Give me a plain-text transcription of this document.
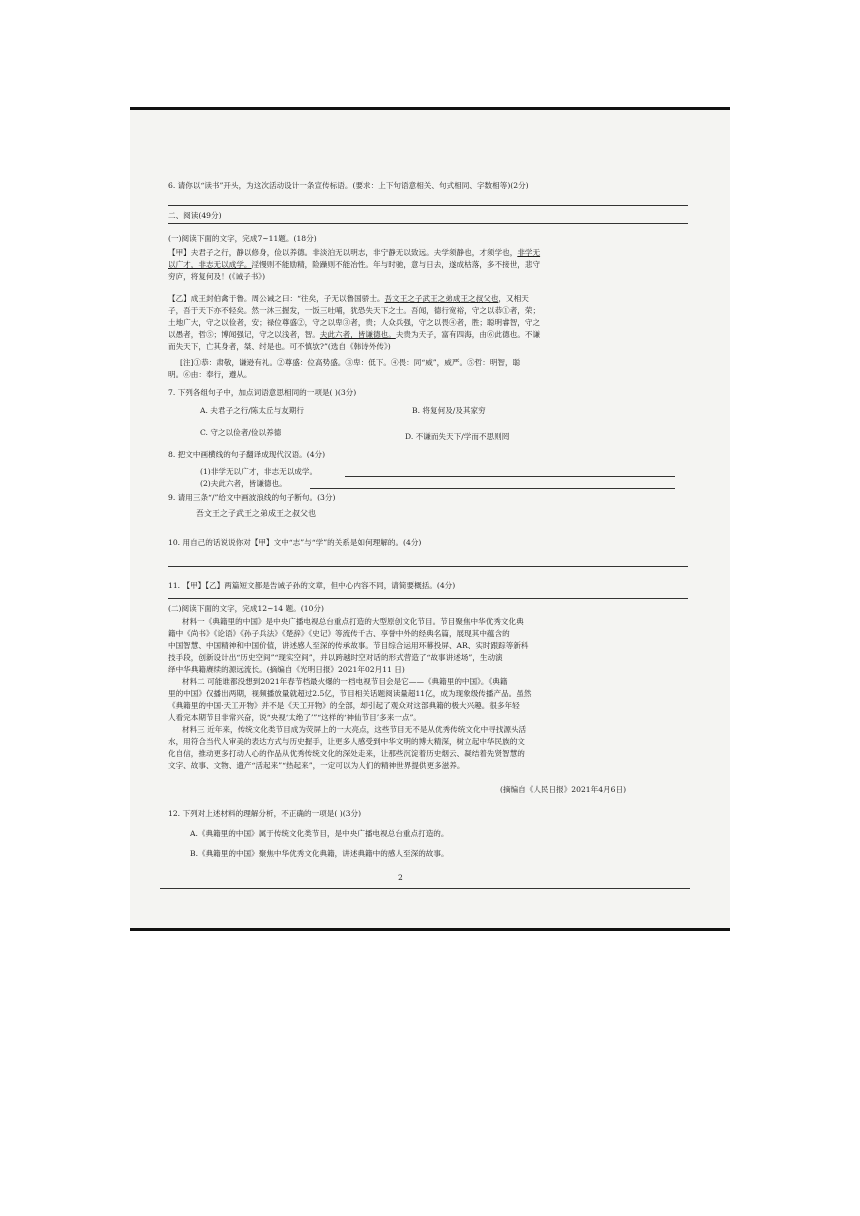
6. 请你以“读书”开头，为这次活动设计一条宣传标语。(要求：上下句语意相关、句式相同、字数相等)(2分)
二、阅读(49分)
(一)阅读下面的文字，完成7~11题。(18分)
【甲】夫君子之行，静以修身，俭以养德。非淡泊无以明志，非宁静无以致远。夫学须静也，才须学也，非学无
以广才，非志无以成学。淫慢则不能励精，险躁则不能冶性。年与时驰，意与日去，遂成枯落，多不接世，悲守
穷庐，将复何及！(《诫子书》)
【乙】成王封伯禽于鲁。周公诫之曰：“往矣，子无以鲁国骄士。吾文王之子武王之弟成王之叔父也，又相天
子，吾于天下亦不轻矣。然一沐三握发，一饭三吐哺，犹恐失天下之士。吾闻，德行宽裕，守之以恭①者，荣；
土地广大，守之以俭者，安；禄位尊盛②，守之以卑③者，贵；人众兵强，守之以畏④者，胜；聪明睿智，守之
以愚者，哲⑤；博闻强记，守之以浅者，智。夫此六者，皆谦德也。夫贵为天子，富有四海，由⑥此德也。不谦
而失天下，亡其身者，桀、纣是也。可不慎欤?”(选自《韩诗外传》)
[注]①恭：肃敬，谦逊有礼。②尊盛：位高势盛。③卑：低下。④畏：同“威”，威严。⑤哲：明智，聪
明。⑥由：奉行，遵从。
7. 下列各组句子中，加点词语意思相同的一项是( )(3分)
A. 夫君子之行/陈太丘与友期行	B. 将复何及/及其家穷
C. 守之以俭者/俭以养德	D. 不谦而失天下/学而不思则罔
8. 把文中画横线的句子翻译成现代汉语。(4分)
(1)非学无以广才，非志无以成学。
(2)夫此六者，皆谦德也。
9. 请用三条“/”给文中画波浪线的句子断句。(3分)
吾文王之子武王之弟成王之叔父也
10. 用自己的话说说你对【甲】文中“志”与“学”的关系是如何理解的。(4分)
11. 【甲】【乙】两篇短文都是告诫子孙的文章，但中心内容不同，请简要概括。(4分)
(二)阅读下面的文字，完成12~14 题。(10分)
材料一《典籍里的中国》是中央广播电视总台重点打造的大型原创文化节目。节目聚焦中华优秀文化典
籍中《尚书》《论语》《孙子兵法》《楚辞》《史记》等流传千古、享誉中外的经典名篇，展现其中蕴含的
中国智慧、中国精神和中国价值，讲述感人至深的传承故事。节目综合运用环幕投屏、AR、实时跟踪等新科
技手段，创新设计出“历史空间”“现实空间”，并以跨越时空对话的形式营造了“故事讲述场”，生动演
绎中华典籍赓续的源远流长。(摘编自《光明日报》2021年02月11 日)
材料二 可能谁都没想到2021年春节档最火爆的一档电视节目会是它——《典籍里的中国》。《典籍
里的中国》仅播出两期，视频播放量就超过2.5亿，节目相关话题阅读量超11亿，成为现象级传播产品。虽然
《典籍里的中国·天工开物》并不是《天工开物》的全部，却引起了观众对这部典籍的极大兴趣。很多年轻
人看完本期节目非常兴奋，说“央视‘太绝了’”“这样的‘神仙节目’多来一点”。
材料三 近年来，传统文化类节目成为荧屏上的一大亮点，这些节目无不是从优秀传统文化中寻找源头活
水，用符合当代人审美的表达方式与历史握手，让更多人感受到中华文明的博大精深，树立起中华民族的文
化自信，推动更多打动人心的作品从优秀传统文化的深处走来，让那些沉淀着历史烟云、凝结着先贤智慧的
文字、故事、文物、遗产“活起来”“热起来”，一定可以为人们的精神世界提供更多滋养。
(摘编自《人民日报》2021年4月6日)
12. 下列对上述材料的理解分析，不正确的一项是( )(3分)
A.《典籍里的中国》属于传统文化类节目，是中央广播电视总台重点打造的。
B.《典籍里的中国》聚焦中华优秀文化典籍，讲述典籍中的感人至深的故事。
2
